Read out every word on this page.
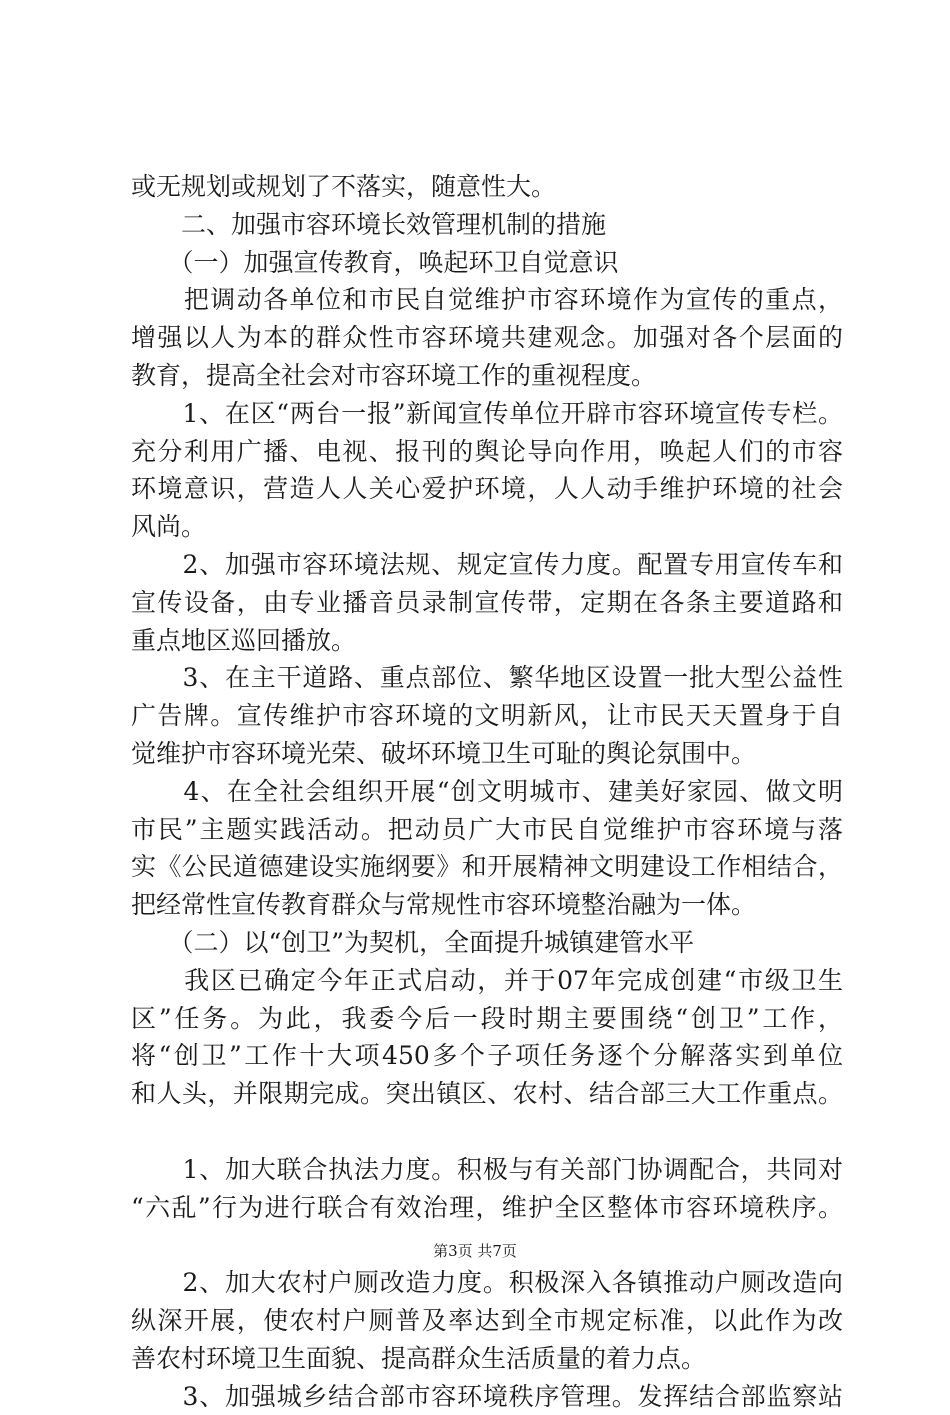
或无规划或规划了不落实，随意性大。
　　二、加强市容环境长效管理机制的措施
　　（一）加强宣传教育，唤起环卫自觉意识
　　把调动各单位和市民自觉维护市容环境作为宣传的重点，
增强以人为本的群众性市容环境共建观念。加强对各个层面的
教育，提高全社会对市容环境工作的重视程度。
　　1、在区“两台一报”新闻宣传单位开辟市容环境宣传专栏。
充分利用广播、电视、报刊的舆论导向作用，唤起人们的市容
环境意识，营造人人关心爱护环境，人人动手维护环境的社会
风尚。
　　2、加强市容环境法规、规定宣传力度。配置专用宣传车和
宣传设备，由专业播音员录制宣传带，定期在各条主要道路和
重点地区巡回播放。
　　3、在主干道路、重点部位、繁华地区设置一批大型公益性
广告牌。宣传维护市容环境的文明新风，让市民天天置身于自
觉维护市容环境光荣、破坏环境卫生可耻的舆论氛围中。
　　4、在全社会组织开展“创文明城市、建美好家园、做文明
市民”主题实践活动。把动员广大市民自觉维护市容环境与落
实《公民道德建设实施纲要》和开展精神文明建设工作相结合，
把经常性宣传教育群众与常规性市容环境整治融为一体。
　　（二）以“创卫”为契机，全面提升城镇建管水平
　　我区已确定今年正式启动，并于07年完成创建“市级卫生
区”任务。为此，我委今后一段时期主要围绕“创卫”工作，
将“创卫”工作十大项450多个子项任务逐个分解落实到单位
和人头，并限期完成。突出镇区、农村、结合部三大工作重点。
　　1、加大联合执法力度。积极与有关部门协调配合，共同对
“六乱”行为进行联合有效治理，维护全区整体市容环境秩序。
　　2、加大农村户厕改造力度。积极深入各镇推动户厕改造向
纵深开展，使农村户厕普及率达到全市规定标准，以此作为改
善农村环境卫生面貌、提高群众生活质量的着力点。
　　3、加强城乡结合部市容环境秩序管理。发挥结合部监察站
第3页 共7页
